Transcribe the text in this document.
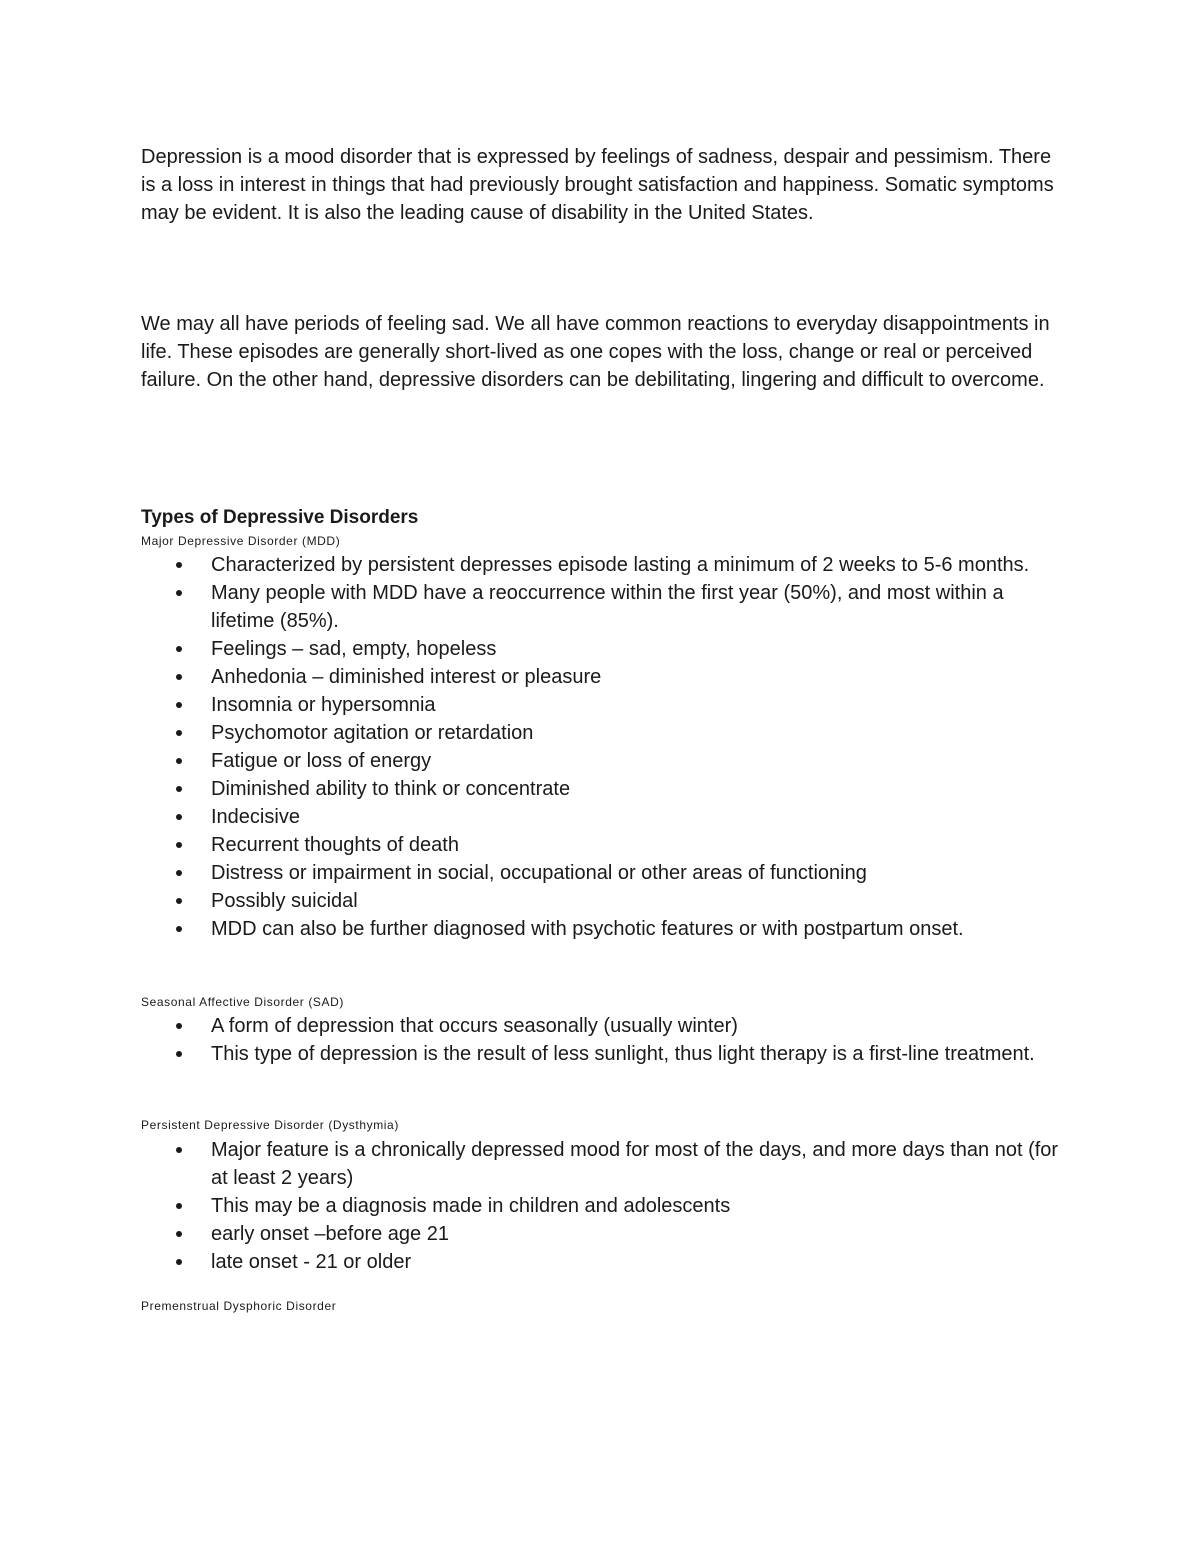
Depression is a mood disorder that is expressed by feelings of sadness, despair and pessimism. There is a loss in interest in things that had previously brought satisfaction and happiness. Somatic symptoms may be evident. It is also the leading cause of disability in the United States.

We may all have periods of feeling sad. We all have common reactions to everyday disappointments in life. These episodes are generally short-lived as one copes with the loss, change or real or perceived failure. On the other hand, depressive disorders can be debilitating, lingering and difficult to overcome.

Types of Depressive Disorders

Major Depressive Disorder (MDD)

Characterized by persistent depresses episode lasting a minimum of 2 weeks to 5-6 months.
Many people with MDD have a reoccurrence within the first year (50%), and most within a lifetime (85%).
Feelings – sad, empty, hopeless
Anhedonia – diminished interest or pleasure
Insomnia or hypersomnia
Psychomotor agitation or retardation
Fatigue or loss of energy
Diminished ability to think or concentrate
Indecisive
Recurrent thoughts of death
Distress or impairment in social, occupational or other areas of functioning
Possibly suicidal
MDD can also be further diagnosed with psychotic features or with postpartum onset.

Seasonal Affective Disorder (SAD)

A form of depression that occurs seasonally (usually winter)
This type of depression is the result of less sunlight, thus light therapy is a first-line treatment.

Persistent Depressive Disorder (Dysthymia)

Major feature is a chronically depressed mood for most of the days, and more days than not (for at least 2 years)
This may be a diagnosis made in children and adolescents
early onset –before age 21
late onset - 21 or older

Premenstrual Dysphoric Disorder
